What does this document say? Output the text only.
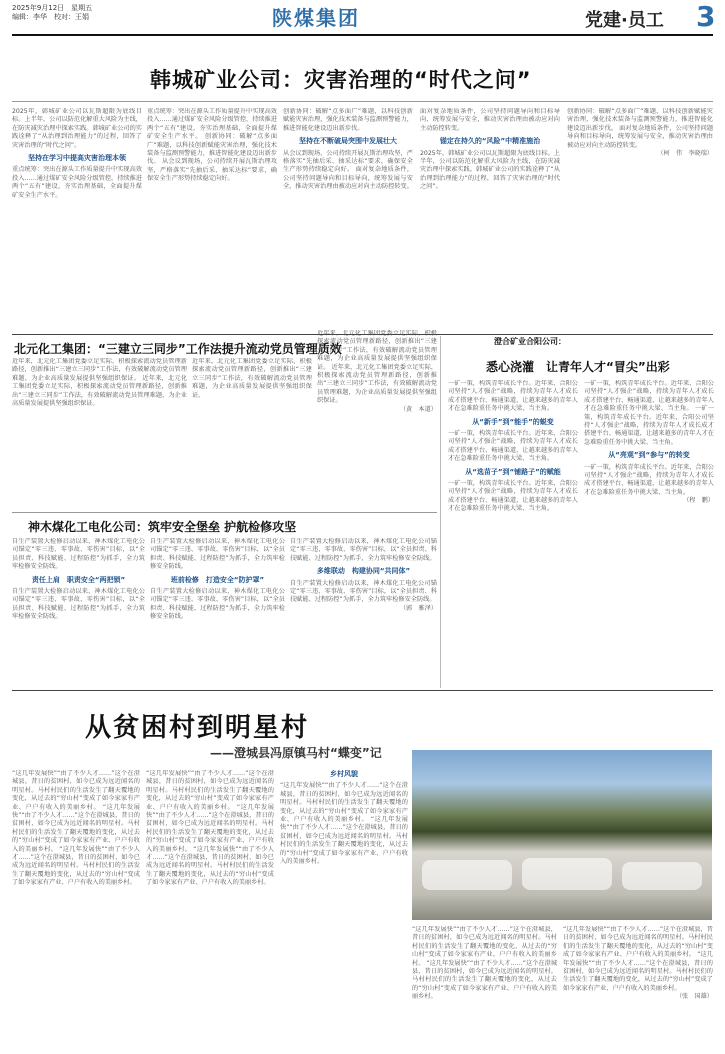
2025年9月12日　星期五
编辑：李华　校对：王娟	陕煤集团	党建·员工 3
韩城矿业公司：灾害治理的“时代之问”
2025年，韩城矿业公司以瓦斯超限为底线目标。上半年，公司以防范化解重大风险为主线，在防灾减灾治理中探索实践。韩城矿业公司的实践诠释了“从治理到治理能力”的过程，回答了灾害治理的“时代之问”。
坚持在学习中提高灾害治理本领
重点统筹：突出在源头工作质量提升中实现高效投入……通过煤矿安全风险分级管控，持续推进两个“五有”建设，夯实治理基础，全面提升煤矿安全生产水平。
重点统筹：突出在源头工作质量提升中实现高效投入……通过煤矿安全风险分级管控，持续推进两个“五有”建设，夯实治理基础，全面提升煤矿安全生产水平。 创新协同：破解“点多面广”难题，以科技创新赋能灾害治理，强化技术装备与监测预警能力，推进智能化建设迈出新步伐。 从会议到现场，公司持续开展瓦斯治理攻坚，严格落实“先抽后采、抽采达标”要求，确保安全生产形势持续稳定向好。
创新协同：破解“点多面广”难题，以科技创新赋能灾害治理，强化技术装备与监测预警能力，推进智能化建设迈出新步伐。
坚持在不断破局突围中发展壮大
从会议到现场，公司持续开展瓦斯治理攻坚，严格落实“先抽后采、抽采达标”要求，确保安全生产形势持续稳定向好。 面对复杂地质条件，公司坚持问题导向和目标导向，统筹发展与安全，推动灾害治理由被动应对向主动防控转变。
面对复杂地质条件，公司坚持问题导向和目标导向，统筹发展与安全，推动灾害治理由被动应对向主动防控转变。
锚定在持久的“风险”中精准施治
2025年，韩城矿业公司以瓦斯超限为底线目标。上半年，公司以防范化解重大风险为主线，在防灾减灾治理中探索实践。韩城矿业公司的实践诠释了“从治理到治理能力”的过程，回答了灾害治理的“时代之问”。
创新协同：破解“点多面广”难题，以科技创新赋能灾害治理，强化技术装备与监测预警能力，推进智能化建设迈出新步伐。 面对复杂地质条件，公司坚持问题导向和目标导向，统筹发展与安全，推动灾害治理由被动应对向主动防控转变。
（柯　伟　李晓瑞）
北元化工集团：“三建立三同步”工作法提升流动党员管理质效
近年来，北元化工集团党委立足实际，积极探索流动党员管理新路径，创新推出“三建立三同步”工作法，有效破解流动党员管理难题，为企业高质量发展提供坚强组织保证。 近年来，北元化工集团党委立足实际，积极探索流动党员管理新路径，创新推出“三建立三同步”工作法，有效破解流动党员管理难题，为企业高质量发展提供坚强组织保证。
近年来，北元化工集团党委立足实际，积极探索流动党员管理新路径，创新推出“三建立三同步”工作法，有效破解流动党员管理难题，为企业高质量发展提供坚强组织保证。
近年来，北元化工集团党委立足实际，积极探索流动党员管理新路径，创新推出“三建立三同步”工作法，有效破解流动党员管理难题，为企业高质量发展提供坚强组织保证。 近年来，北元化工集团党委立足实际，积极探索流动党员管理新路径，创新推出“三建立三同步”工作法，有效破解流动党员管理难题，为企业高质量发展提供坚强组织保证。
（黄　本道）
澄合矿业合阳公司：
悉心浇灌　让青年人才“冒尖”出彩
一矿一策，构筑青年成长平台。近年来，合阳公司坚持“人才强企”战略，持续为青年人才成长成才搭建平台、畅通渠道，让越来越多的青年人才在急难险重任务中挑大梁、当主角。
从“新手”到“能手”的蜕变
一矿一策，构筑青年成长平台。近年来，合阳公司坚持“人才强企”战略，持续为青年人才成长成才搭建平台、畅通渠道，让越来越多的青年人才在急难险重任务中挑大梁、当主角。
从“选苗子”到“铺路子”的赋能
一矿一策，构筑青年成长平台。近年来，合阳公司坚持“人才强企”战略，持续为青年人才成长成才搭建平台、畅通渠道，让越来越多的青年人才在急难险重任务中挑大梁、当主角。
一矿一策，构筑青年成长平台。近年来，合阳公司坚持“人才强企”战略，持续为青年人才成长成才搭建平台、畅通渠道，让越来越多的青年人才在急难险重任务中挑大梁、当主角。 一矿一策，构筑青年成长平台。近年来，合阳公司坚持“人才强企”战略，持续为青年人才成长成才搭建平台、畅通渠道，让越来越多的青年人才在急难险重任务中挑大梁、当主角。
从“亮观”到“参与”的转变
一矿一策，构筑青年成长平台。近年来，合阳公司坚持“人才强企”战略，持续为青年人才成长成才搭建平台、畅通渠道，让越来越多的青年人才在急难险重任务中挑大梁、当主角。
（程　鹏）
神木煤化工电化公司：筑牢安全堡垒 护航检修攻坚
自生产装置大检修启动以来，神木煤化工电化公司锚定“零三违、零事故、零伤害”目标，以“全员担责、科技赋能、过程防控”为抓手，全力筑牢检修安全防线。
责任上肩　职责安全“两把锁”
自生产装置大检修启动以来，神木煤化工电化公司锚定“零三违、零事故、零伤害”目标，以“全员担责、科技赋能、过程防控”为抓手，全力筑牢检修安全防线。
自生产装置大检修启动以来，神木煤化工电化公司锚定“零三违、零事故、零伤害”目标，以“全员担责、科技赋能、过程防控”为抓手，全力筑牢检修安全防线。
班前检修　打造安全“防护罩”
自生产装置大检修启动以来，神木煤化工电化公司锚定“零三违、零事故、零伤害”目标，以“全员担责、科技赋能、过程防控”为抓手，全力筑牢检修安全防线。
自生产装置大检修启动以来，神木煤化工电化公司锚定“零三违、零事故、零伤害”目标，以“全员担责、科技赋能、过程防控”为抓手，全力筑牢检修安全防线。
多维联动　构建协同“共同体”
自生产装置大检修启动以来，神木煤化工电化公司锚定“零三违、零事故、零伤害”目标，以“全员担责、科技赋能、过程防控”为抓手，全力筑牢检修安全防线。
（郭　雅泽）
从贫困村到明星村
——澄城县冯原镇马村“蝶变”记
“这几年发展快”“由了不少人才……”这个在澄城县，昔日的贫困村，如今已成为远近闻名的明星村。马村村民们的生活发生了翻天覆地的变化，从过去的“穷山村”变成了如今家家有产业、户户有收入的美丽乡村。 “这几年发展快”“由了不少人才……”这个在澄城县，昔日的贫困村，如今已成为远近闻名的明星村。马村村民们的生活发生了翻天覆地的变化，从过去的“穷山村”变成了如今家家有产业、户户有收入的美丽乡村。 “这几年发展快”“由了不少人才……”这个在澄城县，昔日的贫困村，如今已成为远近闻名的明星村。马村村民们的生活发生了翻天覆地的变化，从过去的“穷山村”变成了如今家家有产业、户户有收入的美丽乡村。
“这几年发展快”“由了不少人才……”这个在澄城县，昔日的贫困村，如今已成为远近闻名的明星村。马村村民们的生活发生了翻天覆地的变化，从过去的“穷山村”变成了如今家家有产业、户户有收入的美丽乡村。 “这几年发展快”“由了不少人才……”这个在澄城县，昔日的贫困村，如今已成为远近闻名的明星村。马村村民们的生活发生了翻天覆地的变化，从过去的“穷山村”变成了如今家家有产业、户户有收入的美丽乡村。 “这几年发展快”“由了不少人才……”这个在澄城县，昔日的贫困村，如今已成为远近闻名的明星村。马村村民们的生活发生了翻天覆地的变化，从过去的“穷山村”变成了如今家家有产业、户户有收入的美丽乡村。
乡村风貌
“这几年发展快”“由了不少人才……”这个在澄城县，昔日的贫困村，如今已成为远近闻名的明星村。马村村民们的生活发生了翻天覆地的变化，从过去的“穷山村”变成了如今家家有产业、户户有收入的美丽乡村。 “这几年发展快”“由了不少人才……”这个在澄城县，昔日的贫困村，如今已成为远近闻名的明星村。马村村民们的生活发生了翻天覆地的变化，从过去的“穷山村”变成了如今家家有产业、户户有收入的美丽乡村。
“这几年发展快”“由了不少人才……”这个在澄城县，昔日的贫困村，如今已成为远近闻名的明星村。马村村民们的生活发生了翻天覆地的变化，从过去的“穷山村”变成了如今家家有产业、户户有收入的美丽乡村。 “这几年发展快”“由了不少人才……”这个在澄城县，昔日的贫困村，如今已成为远近闻名的明星村。马村村民们的生活发生了翻天覆地的变化，从过去的“穷山村”变成了如今家家有产业、户户有收入的美丽乡村。
“这几年发展快”“由了不少人才……”这个在澄城县，昔日的贫困村，如今已成为远近闻名的明星村。马村村民们的生活发生了翻天覆地的变化，从过去的“穷山村”变成了如今家家有产业、户户有收入的美丽乡村。 “这几年发展快”“由了不少人才……”这个在澄城县，昔日的贫困村，如今已成为远近闻名的明星村。马村村民们的生活发生了翻天覆地的变化，从过去的“穷山村”变成了如今家家有产业、户户有收入的美丽乡村。
（张　国雄）
